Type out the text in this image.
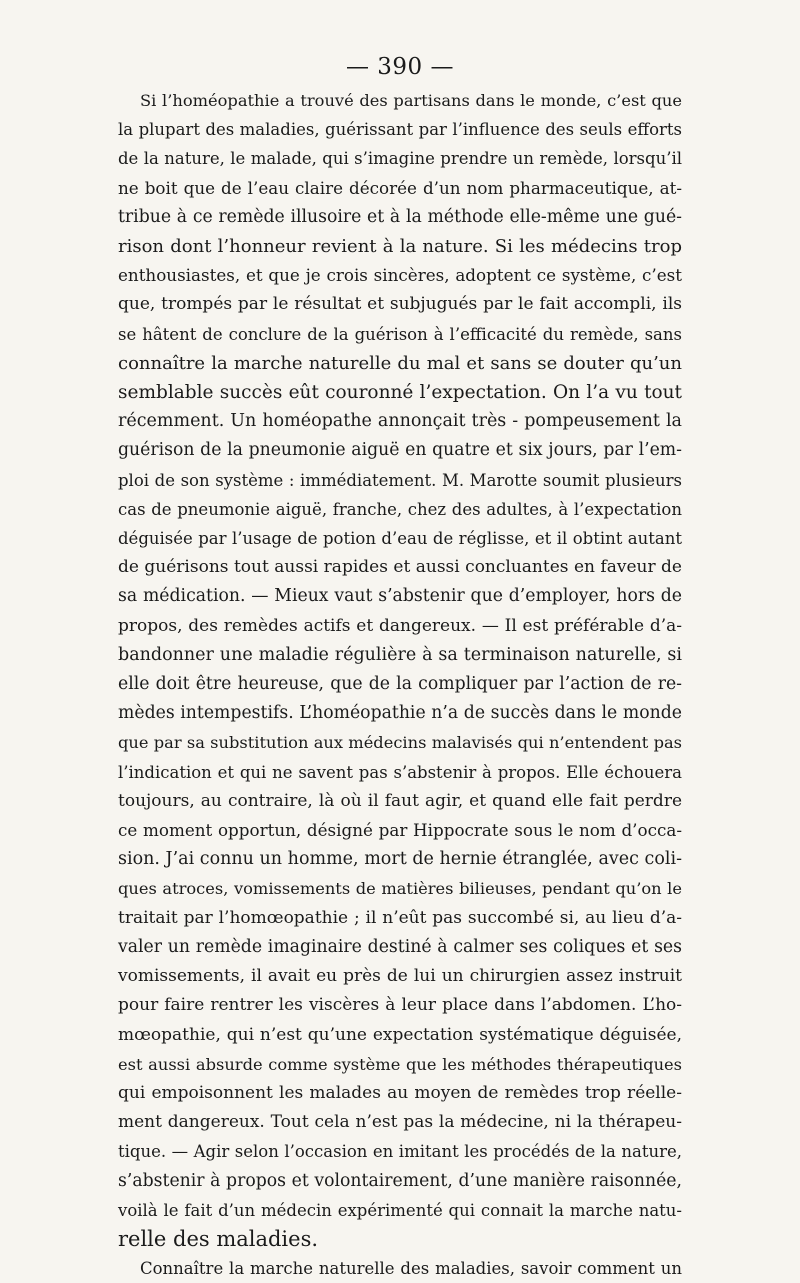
— 390 —
Si l’homéopathie a trouvé des partisans dans le monde, c’est que
la plupart des maladies, guérissant par l’influence des seuls efforts
de la nature, le malade, qui s’imagine prendre un remède, lorsqu’il
ne boit que de l’eau claire décorée d’un nom pharmaceutique, at-
tribue à ce remède illusoire et à la méthode elle-même une gué-
rison dont l’honneur revient à la nature. Si les médecins trop
enthousiastes, et que je crois sincères, adoptent ce système, c’est
que, trompés par le résultat et subjugués par le fait accompli, ils
se hâtent de conclure de la guérison à l’efficacité du remède, sans
connaître la marche naturelle du mal et sans se douter qu’un
semblable succès eût couronné l’expectation. On l’a vu tout
récemment. Un homéopathe annonçait très - pompeusement la
guérison de la pneumonie aiguë en quatre et six jours, par l’em-
ploi de son système : immédiatement. M. Marotte soumit plusieurs
cas de pneumonie aiguë, franche, chez des adultes, à l’expectation
déguisée par l’usage de potion d’eau de réglisse, et il obtint autant
de guérisons tout aussi rapides et aussi concluantes en faveur de
sa médication. — Mieux vaut s’abstenir que d’employer, hors de
propos, des remèdes actifs et dangereux. — Il est préférable d’a-
bandonner une maladie régulière à sa terminaison naturelle, si
elle doit être heureuse, que de la compliquer par l’action de re-
mèdes intempestifs. L’homéopathie n’a de succès dans le monde
que par sa substitution aux médecins malavisés qui n’entendent pas
l’indication et qui ne savent pas s’abstenir à propos. Elle échouera
toujours, au contraire, là où il faut agir, et quand elle fait perdre
ce moment opportun, désigné par Hippocrate sous le nom d’occa-
sion. J’ai connu un homme, mort de hernie étranglée, avec coli-
ques atroces, vomissements de matières bilieuses, pendant qu’on le
traitait par l’homœopathie ; il n’eût pas succombé si, au lieu d’a-
valer un remède imaginaire destiné à calmer ses coliques et ses
vomissements, il avait eu près de lui un chirurgien assez instruit
pour faire rentrer les viscères à leur place dans l’abdomen. L’ho-
mœopathie, qui n’est qu’une expectation systématique déguisée,
est aussi absurde comme système que les méthodes thérapeutiques
qui empoisonnent les malades au moyen de remèdes trop réelle-
ment dangereux. Tout cela n’est pas la médecine, ni la thérapeu-
tique. — Agir selon l’occasion en imitant les procédés de la nature,
s’abstenir à propos et volontairement, d’une manière raisonnée,
voilà le fait d’un médecin expérimenté qui connait la marche natu-
relle des maladies.
Connaître la marche naturelle des maladies, savoir comment un
